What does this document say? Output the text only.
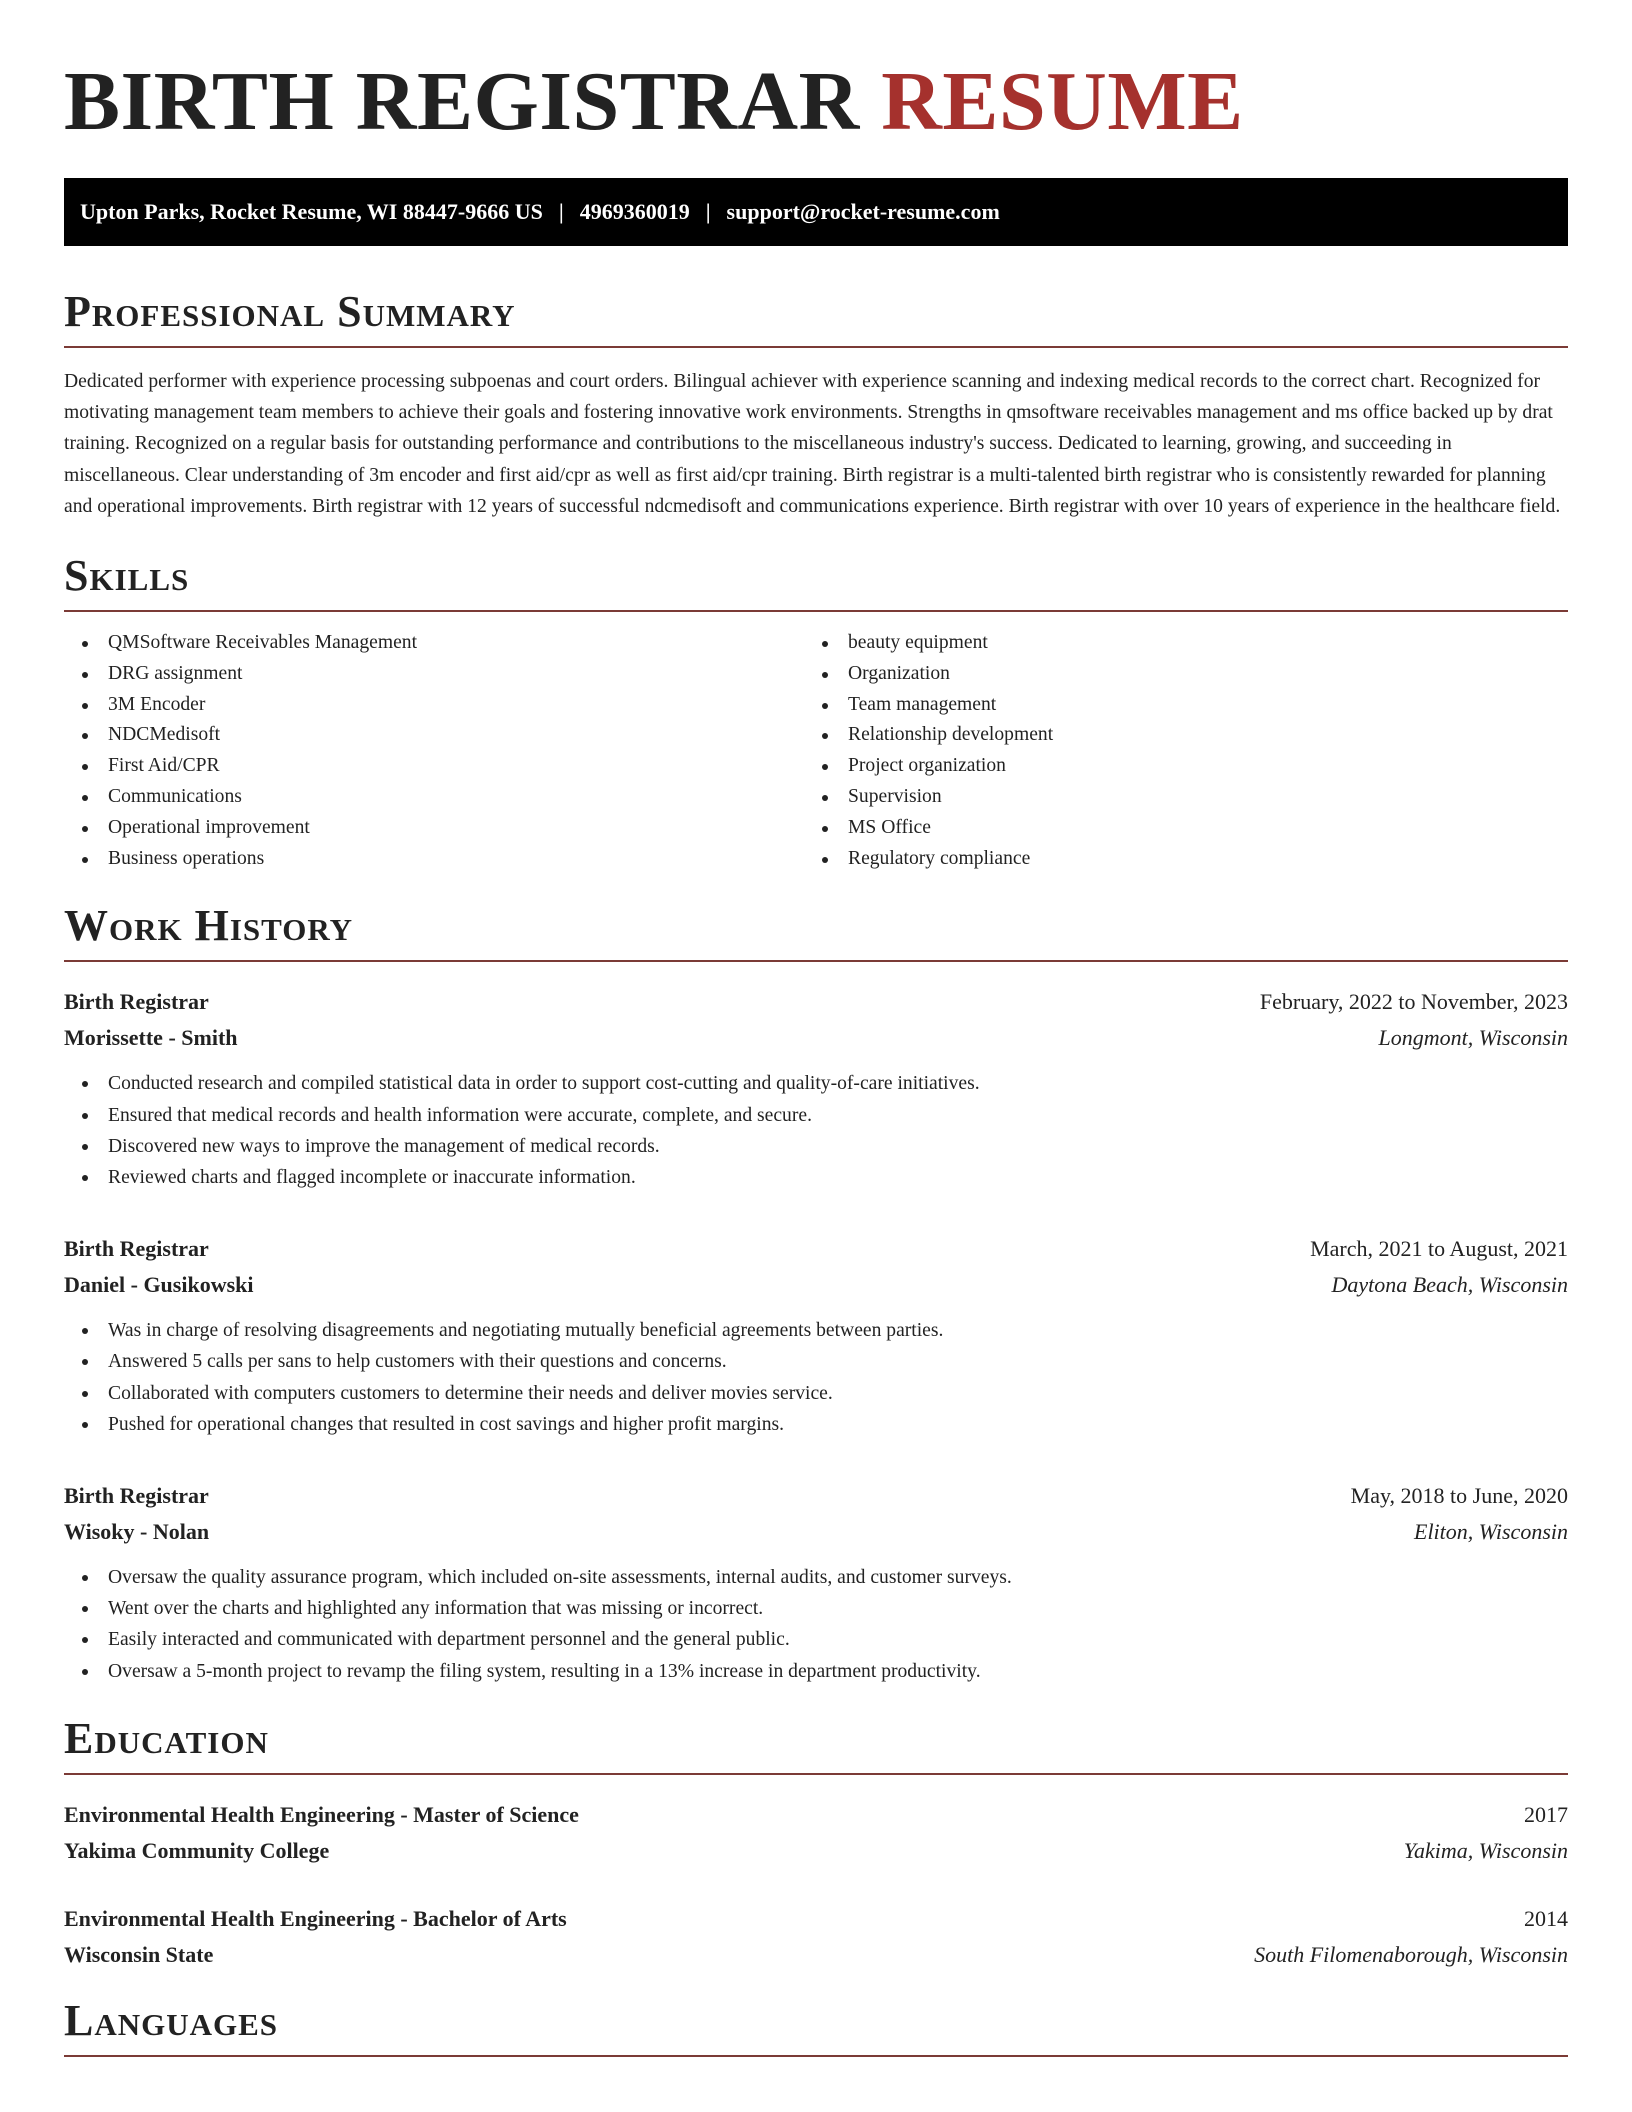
BIRTH REGISTRAR RESUME
Upton Parks, Rocket Resume, WI 88447-9666 US | 4969360019 | support@rocket-resume.com
Professional Summary
Dedicated performer with experience processing subpoenas and court orders. Bilingual achiever with experience scanning and indexing medical records to the correct chart. Recognized for motivating management team members to achieve their goals and fostering innovative work environments. Strengths in qmsoftware receivables management and ms office backed up by drat training. Recognized on a regular basis for outstanding performance and contributions to the miscellaneous industry's success. Dedicated to learning, growing, and succeeding in miscellaneous. Clear understanding of 3m encoder and first aid/cpr as well as first aid/cpr training. Birth registrar is a multi-talented birth registrar who is consistently rewarded for planning and operational improvements. Birth registrar with 12 years of successful ndcmedisoft and communications experience. Birth registrar with over 10 years of experience in the healthcare field.
Skills
QMSoftware Receivables Management
DRG assignment
3M Encoder
NDCMedisoft
First Aid/CPR
Communications
Operational improvement
Business operations
beauty equipment
Organization
Team management
Relationship development
Project organization
Supervision
MS Office
Regulatory compliance
Work History
Birth Registrar	February, 2022 to November, 2023
Morissette - Smith	Longmont, Wisconsin
Conducted research and compiled statistical data in order to support cost-cutting and quality-of-care initiatives.
Ensured that medical records and health information were accurate, complete, and secure.
Discovered new ways to improve the management of medical records.
Reviewed charts and flagged incomplete or inaccurate information.
Birth Registrar	March, 2021 to August, 2021
Daniel - Gusikowski	Daytona Beach, Wisconsin
Was in charge of resolving disagreements and negotiating mutually beneficial agreements between parties.
Answered 5 calls per sans to help customers with their questions and concerns.
Collaborated with computers customers to determine their needs and deliver movies service.
Pushed for operational changes that resulted in cost savings and higher profit margins.
Birth Registrar	May, 2018 to June, 2020
Wisoky - Nolan	Eliton, Wisconsin
Oversaw the quality assurance program, which included on-site assessments, internal audits, and customer surveys.
Went over the charts and highlighted any information that was missing or incorrect.
Easily interacted and communicated with department personnel and the general public.
Oversaw a 5-month project to revamp the filing system, resulting in a 13% increase in department productivity.
Education
Environmental Health Engineering - Master of Science	2017
Yakima Community College	Yakima, Wisconsin
Environmental Health Engineering - Bachelor of Arts	2014
Wisconsin State	South Filomenaborough, Wisconsin
Languages
